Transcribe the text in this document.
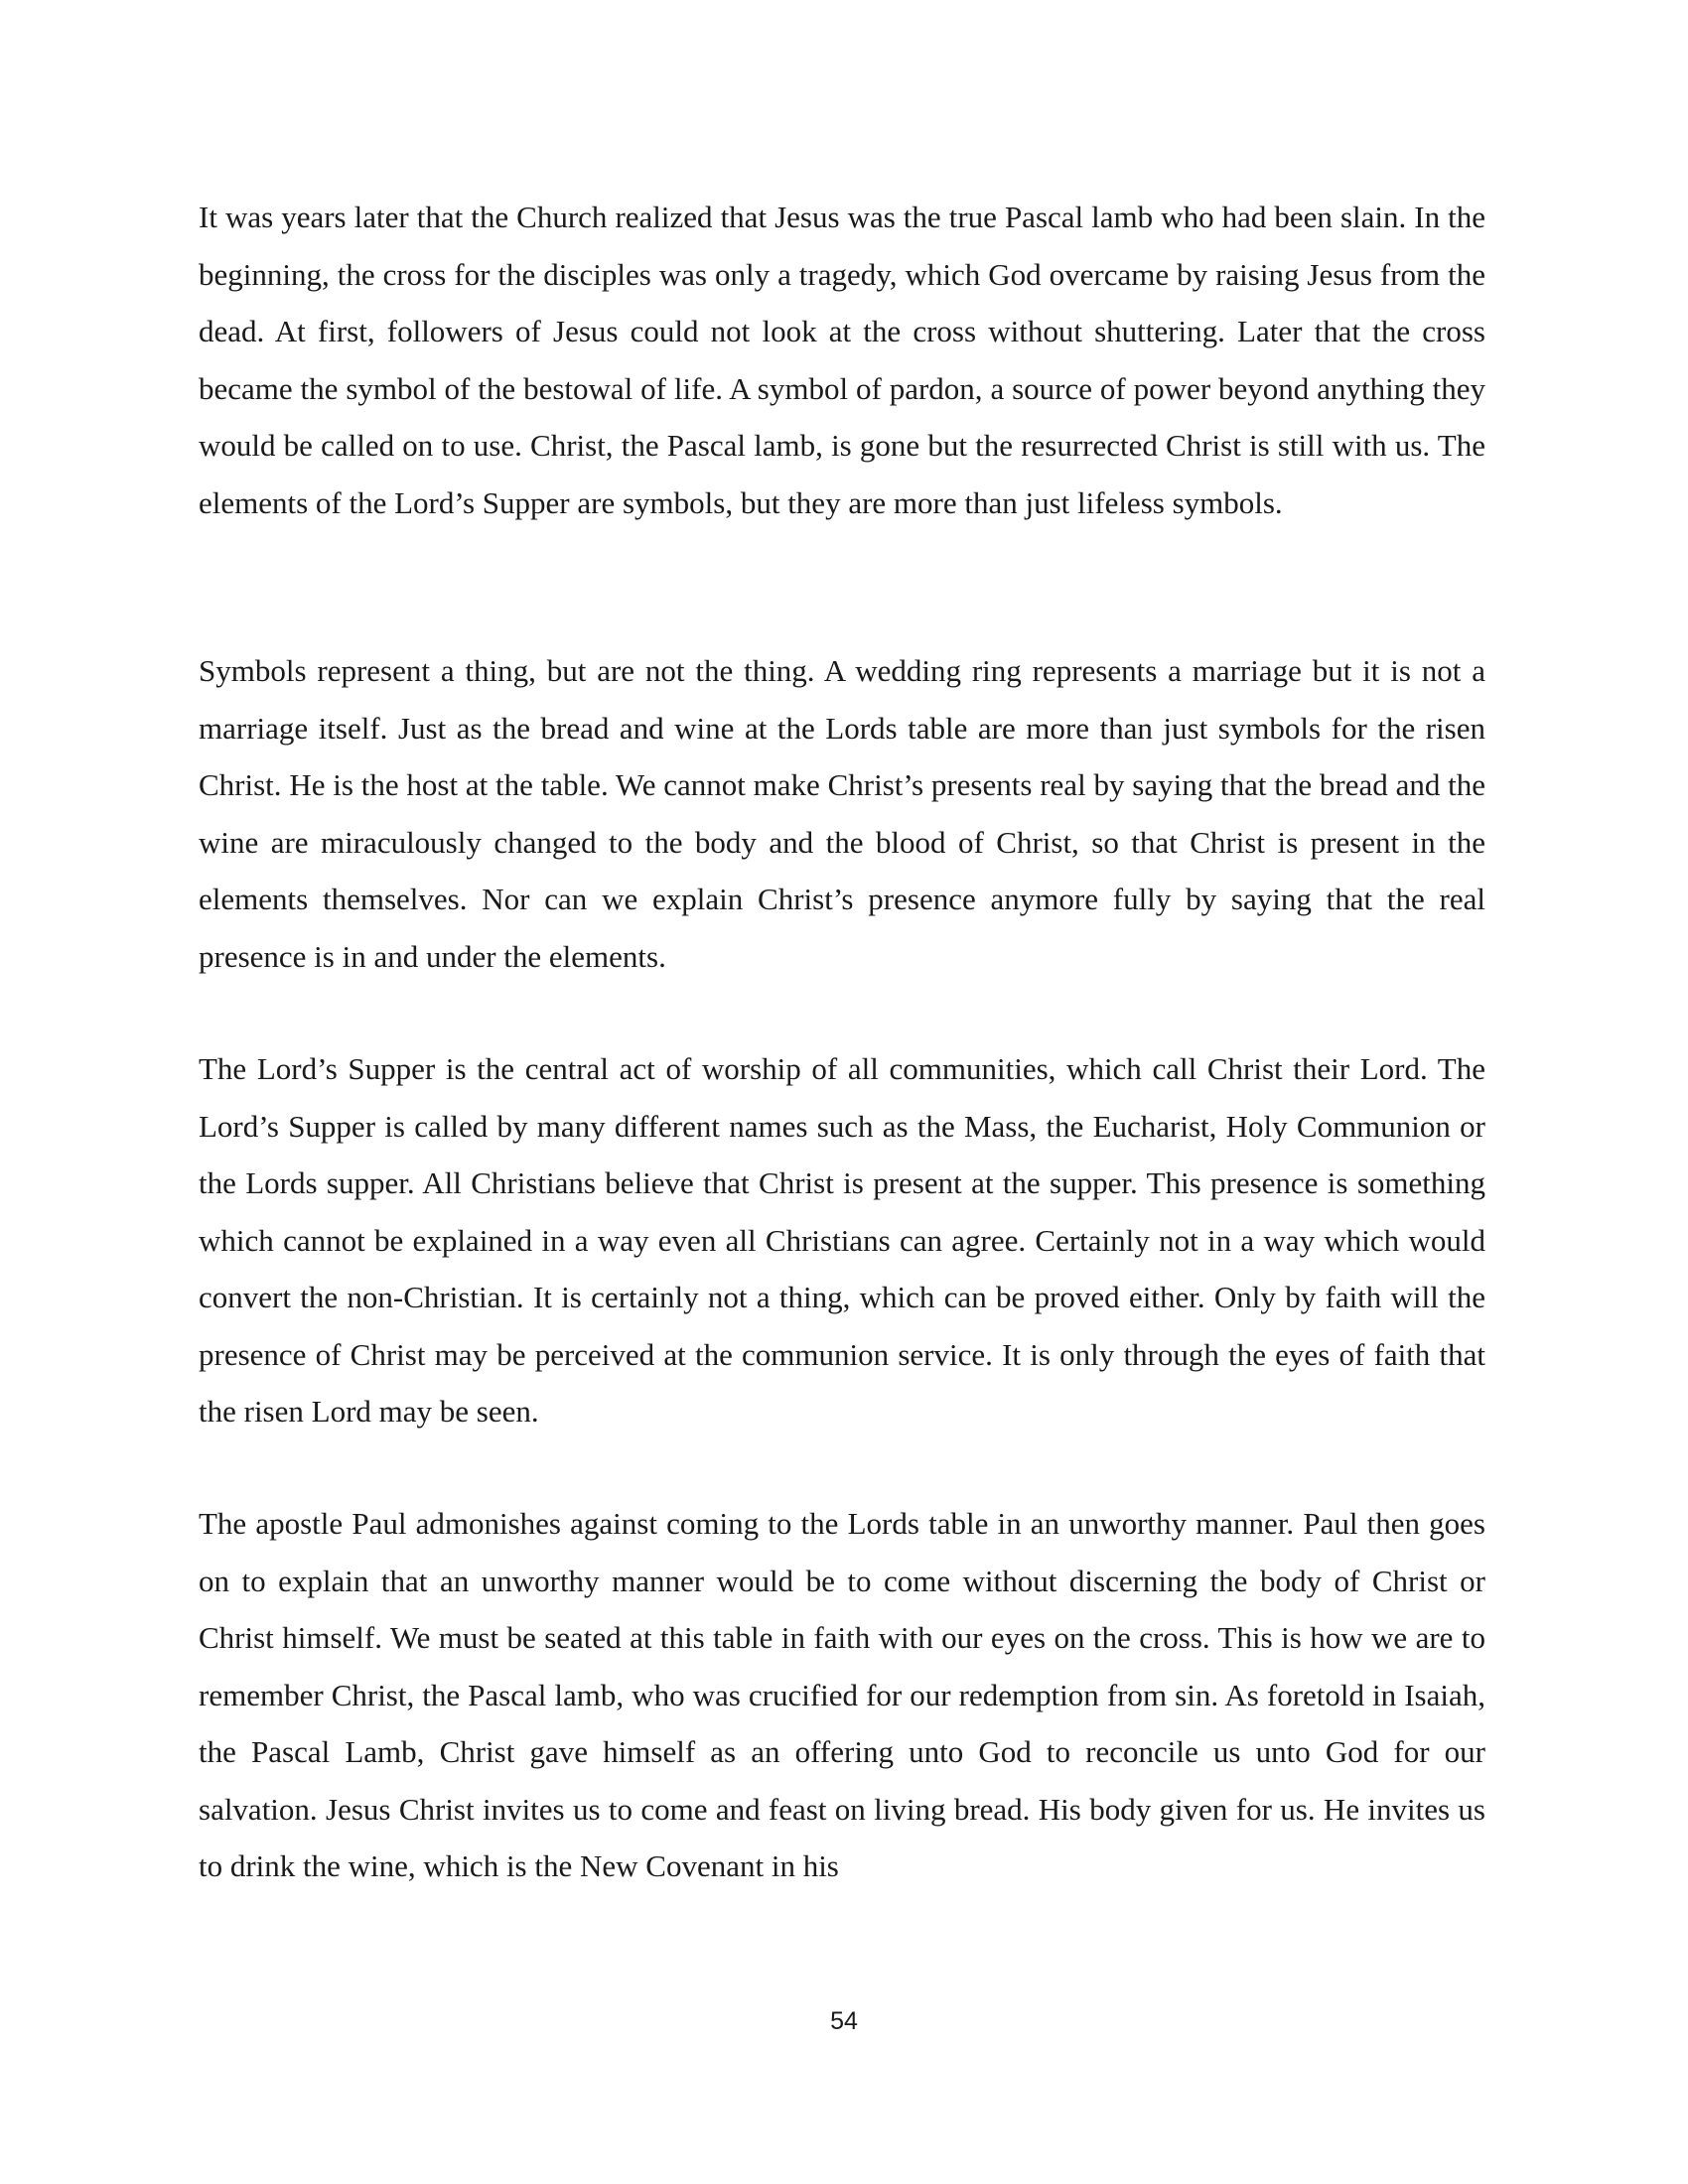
It was years later that the Church realized that Jesus was the true Pascal lamb who had been slain. In the beginning, the cross for the disciples was only a tragedy, which God overcame by raising Jesus from the dead. At first, followers of Jesus could not look at the cross without shuttering. Later that the cross became the symbol of the bestowal of life. A symbol of pardon, a source of power beyond anything they would be called on to use. Christ, the Pascal lamb, is gone but the resurrected Christ is still with us. The elements of the Lord’s Supper are symbols, but they are more than just lifeless symbols.

Symbols represent a thing, but are not the thing. A wedding ring represents a marriage but it is not a marriage itself. Just as the bread and wine at the Lords table are more than just symbols for the risen Christ. He is the host at the table. We cannot make Christ’s presents real by saying that the bread and the wine are miraculously changed to the body and the blood of Christ, so that Christ is present in the elements themselves. Nor can we explain Christ’s presence anymore fully by saying that the real presence is in and under the elements.

The Lord’s Supper is the central act of worship of all communities, which call Christ their Lord. The Lord’s Supper is called by many different names such as the Mass, the Eucharist, Holy Communion or the Lords supper. All Christians believe that Christ is present at the supper. This presence is something which cannot be explained in a way even all Christians can agree. Certainly not in a way which would convert the non-Christian. It is certainly not a thing, which can be proved either. Only by faith will the presence of Christ may be perceived at the communion service. It is only through the eyes of faith that the risen Lord may be seen.

The apostle Paul admonishes against coming to the Lords table in an unworthy manner. Paul then goes on to explain that an unworthy manner would be to come without discerning the body of Christ or Christ himself. We must be seated at this table in faith with our eyes on the cross. This is how we are to remember Christ, the Pascal lamb, who was crucified for our redemption from sin. As foretold in Isaiah, the Pascal Lamb, Christ gave himself as an offering unto God to reconcile us unto God for our salvation. Jesus Christ invites us to come and feast on living bread. His body given for us. He invites us to drink the wine, which is the New Covenant in his

54
